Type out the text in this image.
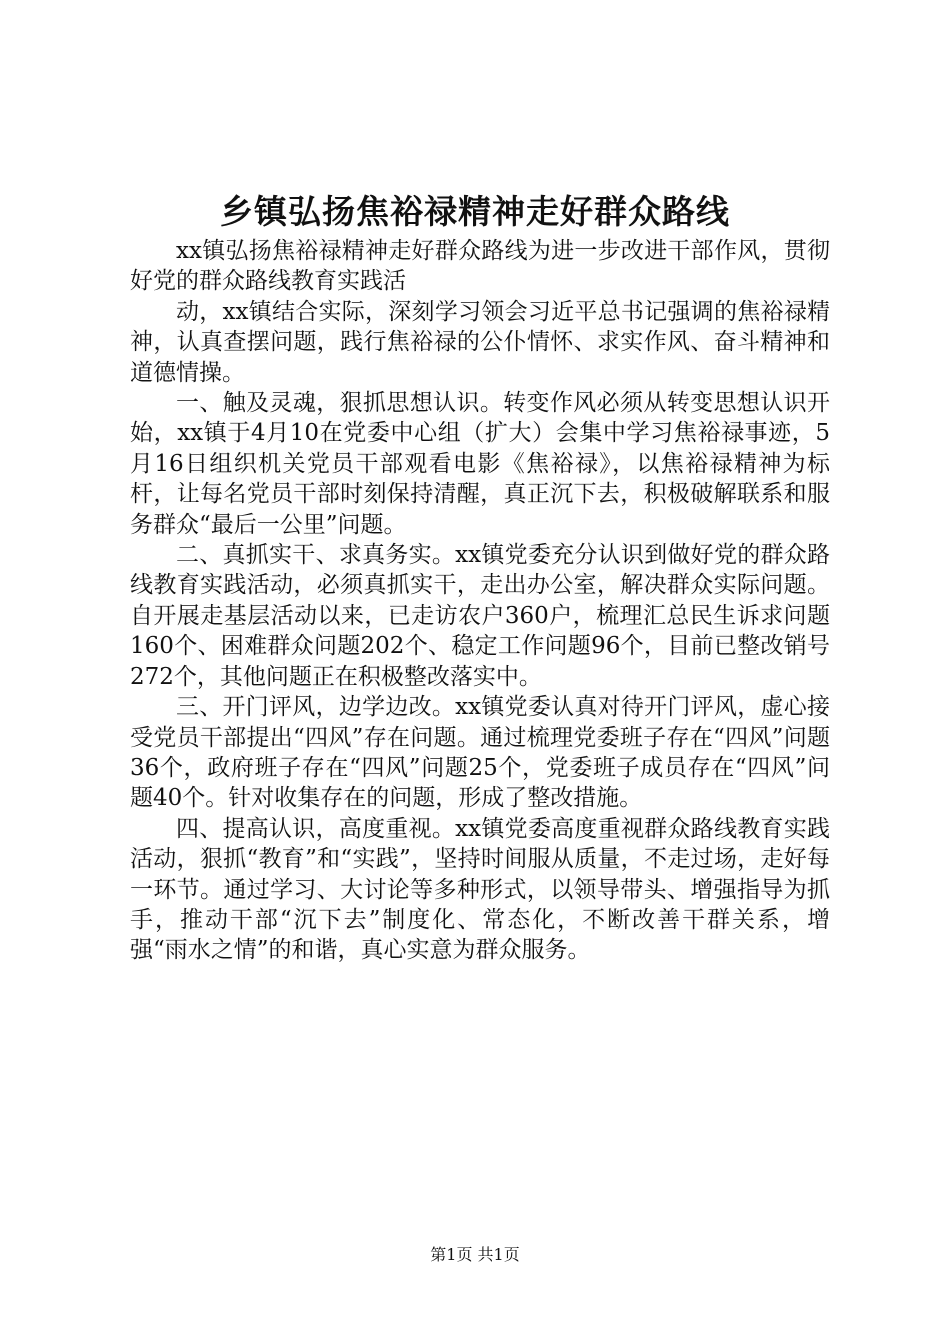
乡镇弘扬焦裕禄精神走好群众路线

xx镇弘扬焦裕禄精神走好群众路线为进一步改进干部作风，贯彻好党的群众路线教育实践活

动，xx镇结合实际，深刻学习领会习近平总书记强调的焦裕禄精神，认真查摆问题，践行焦裕禄的公仆情怀、求实作风、奋斗精神和道德情操。

一、触及灵魂，狠抓思想认识。转变作风必须从转变思想认识开始，xx镇于4月10在党委中心组（扩大）会集中学习焦裕禄事迹，5月16日组织机关党员干部观看电影《焦裕禄》，以焦裕禄精神为标杆，让每名党员干部时刻保持清醒，真正沉下去，积极破解联系和服务群众“最后一公里”问题。

二、真抓实干、求真务实。xx镇党委充分认识到做好党的群众路线教育实践活动，必须真抓实干，走出办公室，解决群众实际问题。自开展走基层活动以来，已走访农户360户，梳理汇总民生诉求问题160个、困难群众问题202个、稳定工作问题96个，目前已整改销号272个，其他问题正在积极整改落实中。

三、开门评风，边学边改。xx镇党委认真对待开门评风，虚心接受党员干部提出“四风”存在问题。通过梳理党委班子存在“四风”问题36个，政府班子存在“四风”问题25个，党委班子成员存在“四风”问题40个。针对收集存在的问题，形成了整改措施。

四、提高认识，高度重视。xx镇党委高度重视群众路线教育实践活动，狠抓“教育”和“实践”，坚持时间服从质量，不走过场，走好每一环节。通过学习、大讨论等多种形式，以领导带头、增强指导为抓手，推动干部“沉下去”制度化、常态化，不断改善干群关系，增强“雨水之情”的和谐，真心实意为群众服务。

第1页 共1页
